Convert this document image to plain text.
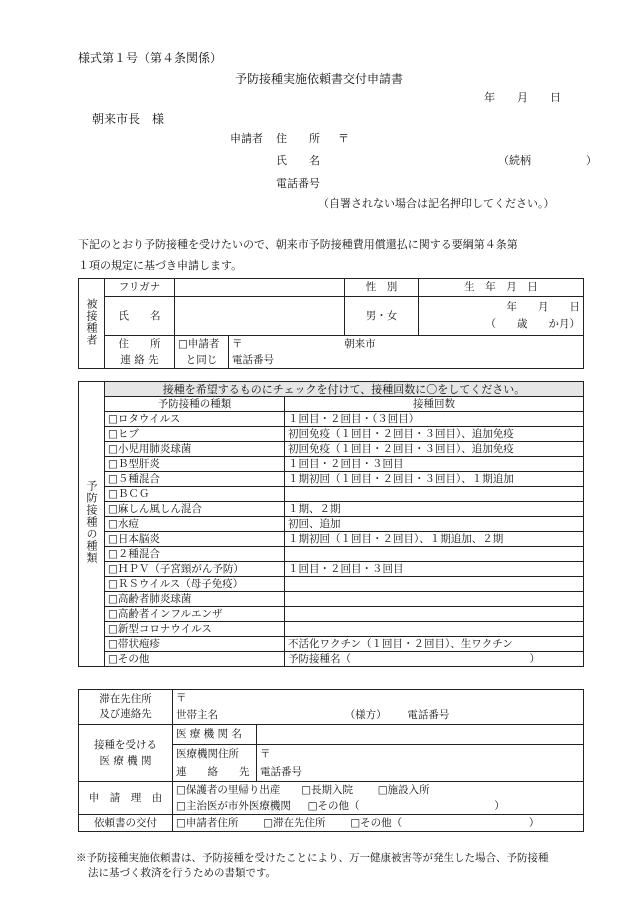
様式第１号（第４条関係）
予防接種実施依頼書交付申請書
年　　月　　日
朝来市長　様
申請者 住　　所 〒
氏　　名	（続柄　　　　　）
電話番号
（自署されない場合は記名押印してください。）
下記のとおり予防接種を受けたいので、朝来市予防接種費用償還払に関する要綱第４条第
１項の規定に基づき申請します。
被接種者	フリガナ			性　別	生　年　月　日
	氏　　名			男・女	年　　月　　日
（　　歳　　か月）

	住　　所	□申請者	〒 朝来市		
	連 絡 先	と同じ	電話番号		
予防接種の種類	接種を希望するものにチェックを付けて、接種回数に〇をしてください。	
	予防接種の種類	接種回数
	□ロタウイルス	１回目・２回目・（３回目）
	□ヒブ	初回免疫（１回目・２回目・３回目）、追加免疫
	□小児用肺炎球菌	初回免疫（１回目・２回目・３回目）、追加免疫
	□Ｂ型肝炎	１回目・２回目・３回目
	□５種混合	１期初回（１回目・２回目・３回目）、１期追加
	□ＢＣＧ	
	□麻しん風しん混合	１期、２期
	□水痘	初回、追加
	□日本脳炎	１期初回（１回目・２回目）、１期追加、２期
	□２種混合	
	□ＨＰＶ（子宮頸がん予防）	１回目・２回目・３回目
	□ＲＳウイルス（母子免疫）	
	□高齢者肺炎球菌	
	□高齢者インフルエンザ	
	□新型コロナウイルス	
	□帯状疱疹	不活化ワクチン（１回目・２回目）、生ワクチン
	□その他	予防接種名（　　　　　　　　　　　　　　　　　）
滞在先住所
及び連絡先	〒	
	世帯主名 （様方） 電話番号	

接種を受ける
医 療 機 関	医 療 機 関 名	
	医療機関住所	〒
	連　　絡　　先	電話番号
申　請　理　由	□保護者の里帰り出産 □長期入院 □施設入所	
	□主治医が市外医療機関 □その他（ ）	
依頼書の交付	□申請者住所 □滞在先住所 □その他（ ）	
※予防接種実施依頼書は、予防接種を受けたことにより、万一健康被害等が発生した場合、予防接種
法に基づく救済を行うための書類です。
